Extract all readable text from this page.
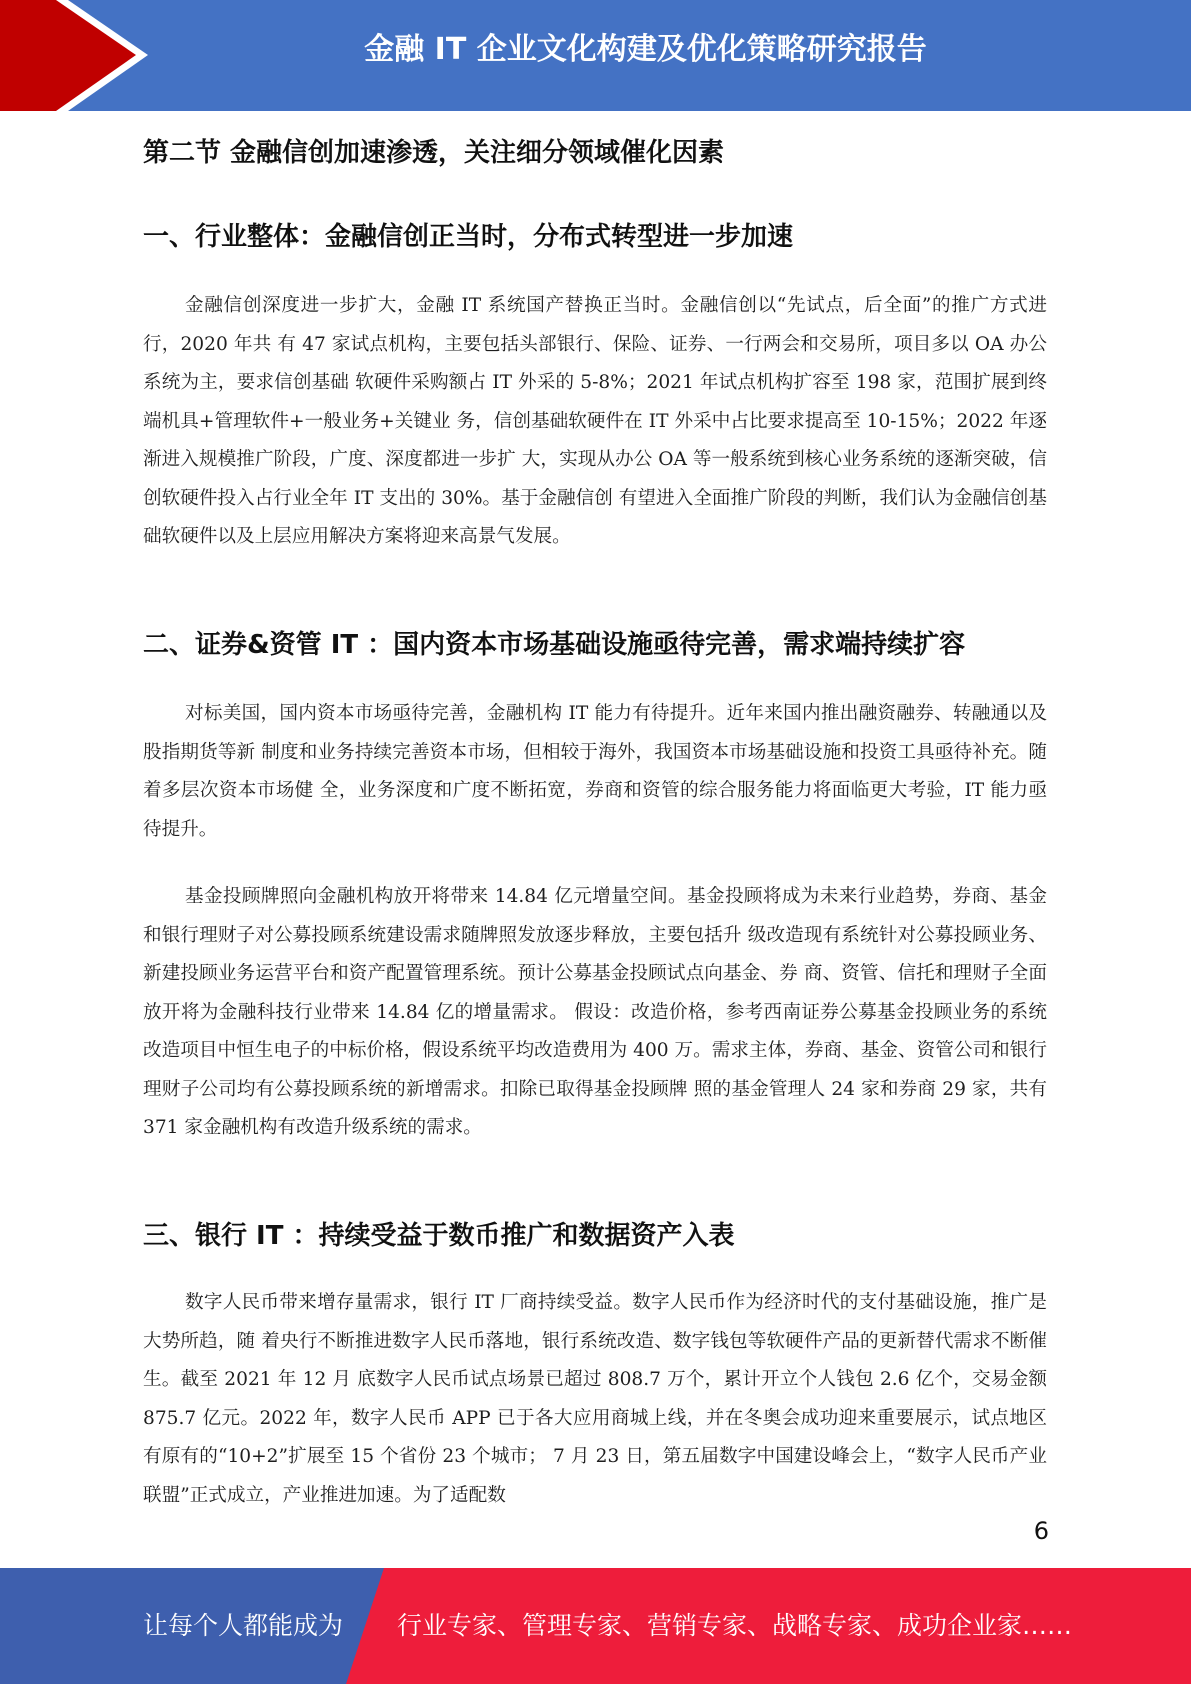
金融 IT 企业文化构建及优化策略研究报告
第二节 金融信创加速渗透，关注细分领域催化因素
一、行业整体：金融信创正当时，分布式转型进一步加速

金融信创深度进一步扩大，金融 IT 系统国产替换正当时。金融信创以“先试点，后全面”的推广方式进行，2020 年共 有 47 家试点机构，主要包括头部银行、保险、证券、一行两会和交易所，项目多以 OA 办公系统为主，要求信创基础 软硬件采购额占 IT 外采的 5-8%；2021 年试点机构扩容至 198 家，范围扩展到终端机具+管理软件+一般业务+关键业 务，信创基础软硬件在 IT 外采中占比要求提高至 10-15%；2022 年逐渐进入规模推广阶段，广度、深度都进一步扩 大，实现从办公 OA 等一般系统到核心业务系统的逐渐突破，信创软硬件投入占行业全年 IT 支出的 30%。基于金融信创 有望进入全面推广阶段的判断，我们认为金融信创基础软硬件以及上层应用解决方案将迎来高景气发展。

二、证券&资管 IT ：国内资本市场基础设施亟待完善，需求端持续扩容

对标美国，国内资本市场亟待完善，金融机构 IT 能力有待提升。近年来国内推出融资融券、转融通以及股指期货等新 制度和业务持续完善资本市场，但相较于海外，我国资本市场基础设施和投资工具亟待补充。随着多层次资本市场健 全，业务深度和广度不断拓宽，券商和资管的综合服务能力将面临更大考验，IT 能力亟待提升。

基金投顾牌照向金融机构放开将带来 14.84 亿元增量空间。基金投顾将成为未来行业趋势，券商、基金和银行理财子对公募投顾系统建设需求随牌照发放逐步释放，主要包括升 级改造现有系统针对公募投顾业务、新建投顾业务运营平台和资产配置管理系统。预计公募基金投顾试点向基金、券 商、资管、信托和理财子全面放开将为金融科技行业带来 14.84 亿的增量需求。 假设：改造价格，参考西南证券公募基金投顾业务的系统改造项目中恒生电子的中标价格，假设系统平均改造费用为 400 万。需求主体，券商、基金、资管公司和银行理财子公司均有公募投顾系统的新增需求。扣除已取得基金投顾牌 照的基金管理人 24 家和券商 29 家，共有 371 家金融机构有改造升级系统的需求。

三、银行 IT ：持续受益于数币推广和数据资产入表

数字人民币带来增存量需求，银行 IT 厂商持续受益。数字人民币作为经济时代的支付基础设施，推广是大势所趋，随 着央行不断推进数字人民币落地，银行系统改造、数字钱包等软硬件产品的更新替代需求不断催生。截至 2021 年 12 月 底数字人民币试点场景已超过 808.7 万个，累计开立个人钱包 2.6 亿个，交易金额 875.7 亿元。2022 年，数字人民币 APP 已于各大应用商城上线，并在冬奥会成功迎来重要展示，试点地区有原有的“10+2”扩展至 15 个省份 23 个城市； 7 月 23 日，第五届数字中国建设峰会上，“数字人民币产业联盟”正式成立，产业推进加速。为了适配数

6
让每个人都能成为 行业专家、管理专家、营销专家、战略专家、成功企业家……
